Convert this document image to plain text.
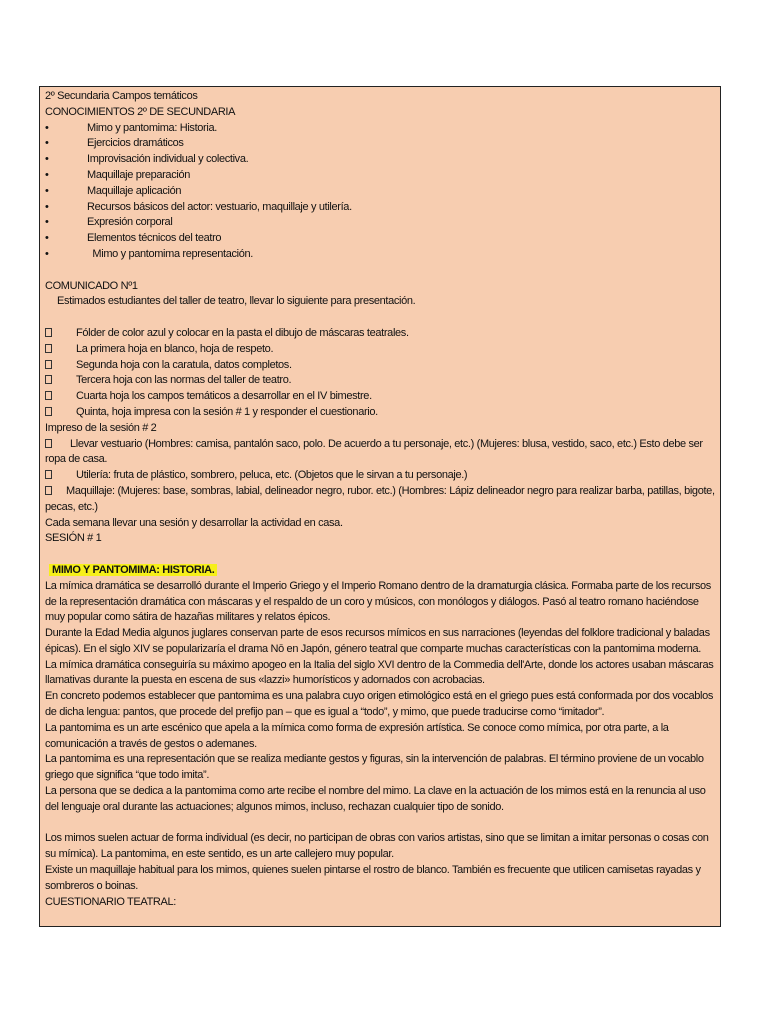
2º Secundaria Campos temáticos
CONOCIMIENTOS 2º DE SECUNDARIA
•	Mimo y pantomima: Historia.
•	Ejercicios dramáticos
•	Improvisación individual y colectiva.
•	Maquillaje preparación
•	Maquillaje aplicación
•	Recursos básicos del actor: vestuario, maquillaje y utilería.
•	Expresión corporal
•	Elementos técnicos del teatro
•	Mimo y pantomima representación.
COMUNICADO Nº1
Estimados estudiantes del taller de teatro, llevar lo siguiente para presentación.
Fólder de color azul y colocar en la pasta el dibujo de máscaras teatrales.
La primera hoja en blanco, hoja de respeto.
Segunda hoja con la caratula, datos completos.
Tercera hoja con las normas del taller de teatro.
Cuarta hoja los campos temáticos a desarrollar en el IV bimestre.
Quinta, hoja impresa con la sesión # 1 y responder el cuestionario.
Impreso de la sesión # 2
Llevar vestuario (Hombres: camisa, pantalón saco, polo. De acuerdo a tu personaje, etc.) (Mujeres: blusa, vestido, saco, etc.) Esto debe ser ropa de casa.
Utilería: fruta de plástico, sombrero, peluca, etc. (Objetos que le sirvan a tu personaje.)
Maquillaje: (Mujeres: base, sombras, labial, delineador negro, rubor. etc.) (Hombres: Lápiz delineador negro para realizar barba, patillas, bigote, pecas, etc.)
Cada semana llevar una sesión y desarrollar la actividad en casa.
SESIÓN # 1
MIMO Y PANTOMIMA: HISTORIA.
La mímica dramática se desarrolló durante el Imperio Griego y el Imperio Romano dentro de la dramaturgia clásica. Formaba parte de los recursos de la representación dramática con máscaras y el respaldo de un coro y músicos, con monólogos y diálogos. Pasó al teatro romano haciéndose muy popular como sátira de hazañas militares y relatos épicos.
Durante la Edad Media algunos juglares conservan parte de esos recursos mímicos en sus narraciones (leyendas del folklore tradicional y baladas épicas). En el siglo XIV se popularizaría el drama Nō en Japón, género teatral que comparte muchas características con la pantomima moderna.
La mímica dramática conseguiría su máximo apogeo en la Italia del siglo XVI dentro de la Commedia dell'Arte, donde los actores usaban máscaras llamativas durante la puesta en escena de sus «lazzi» humorísticos y adornados con acrobacias.
En concreto podemos establecer que pantomima es una palabra cuyo origen etimológico está en el griego pues está conformada por dos vocablos de dicha lengua: pantos, que procede del prefijo pan – que es igual a “todo”, y mimo, que puede traducirse como “imitador”.
La pantomima es un arte escénico que apela a la mímica como forma de expresión artística. Se conoce como mímica, por otra parte, a la comunicación a través de gestos o ademanes.
La pantomima es una representación que se realiza mediante gestos y figuras, sin la intervención de palabras. El término proviene de un vocablo griego que significa “que todo imita”.
La persona que se dedica a la pantomima como arte recibe el nombre del mimo. La clave en la actuación de los mimos está en la renuncia al uso del lenguaje oral durante las actuaciones; algunos mimos, incluso, rechazan cualquier tipo de sonido.
Los mimos suelen actuar de forma individual (es decir, no participan de obras con varios artistas, sino que se limitan a imitar personas o cosas con su mímica). La pantomima, en este sentido, es un arte callejero muy popular.
Existe un maquillaje habitual para los mimos, quienes suelen pintarse el rostro de blanco. También es frecuente que utilicen camisetas rayadas y sombreros o boinas.
CUESTIONARIO TEATRAL:
